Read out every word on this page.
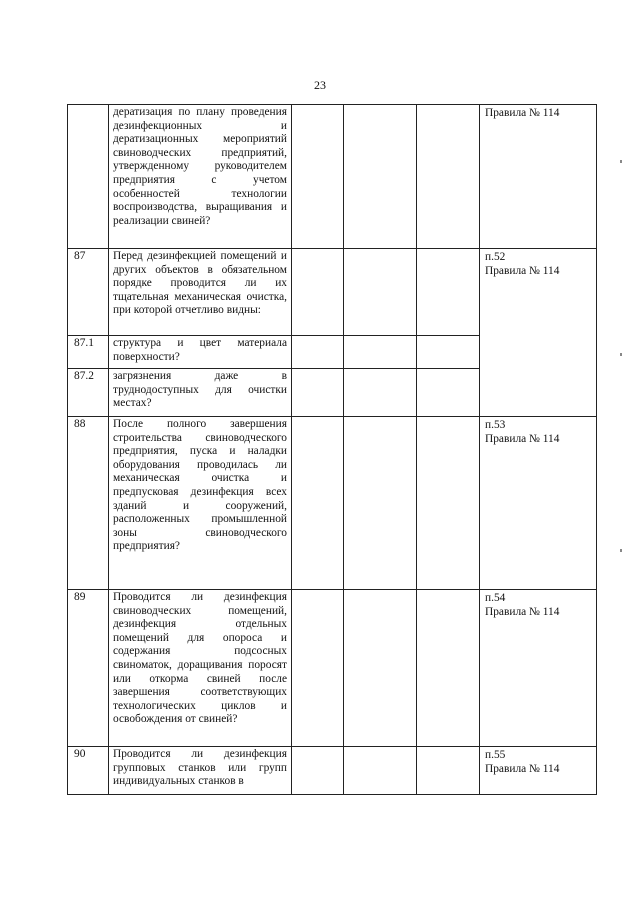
23
	дератизация по плану проведения дезинфекционных и дератизационных мероприятий свиноводческих предприятий, утвержденному руководителем предприятия с учетом особенностей технологии воспроизводства, выращивания и реализации свиней?				Правила № 114

87	Перед дезинфекцией помещений и других объектов в обязательном порядке проводится ли их тщательная механическая очистка, при которой отчетливо видны:				п.52
Правила № 114

87.1	структура и цвет материала поверхности?				
87.2	загрязнения даже в труднодоступных для очистки местах?				
88	После полного завершения строительства свиноводческого предприятия, пуска и наладки оборудования проводилась ли механическая очистка и предпусковая дезинфекция всех зданий и сооружений, расположенных промышленной зоны свиноводческого предприятия?				п.53
Правила № 114

89	Проводится ли дезинфекция свиноводческих помещений, дезинфекция отдельных помещений для опороса и содержания подсосных свиноматок, доращивания поросят или откорма свиней после завершения соответствующих технологических циклов и освобождения от свиней?				п.54
Правила № 114

90	Проводится ли дезинфекция групповых станков или групп индивидуальных станков в				п.55
Правила № 114
